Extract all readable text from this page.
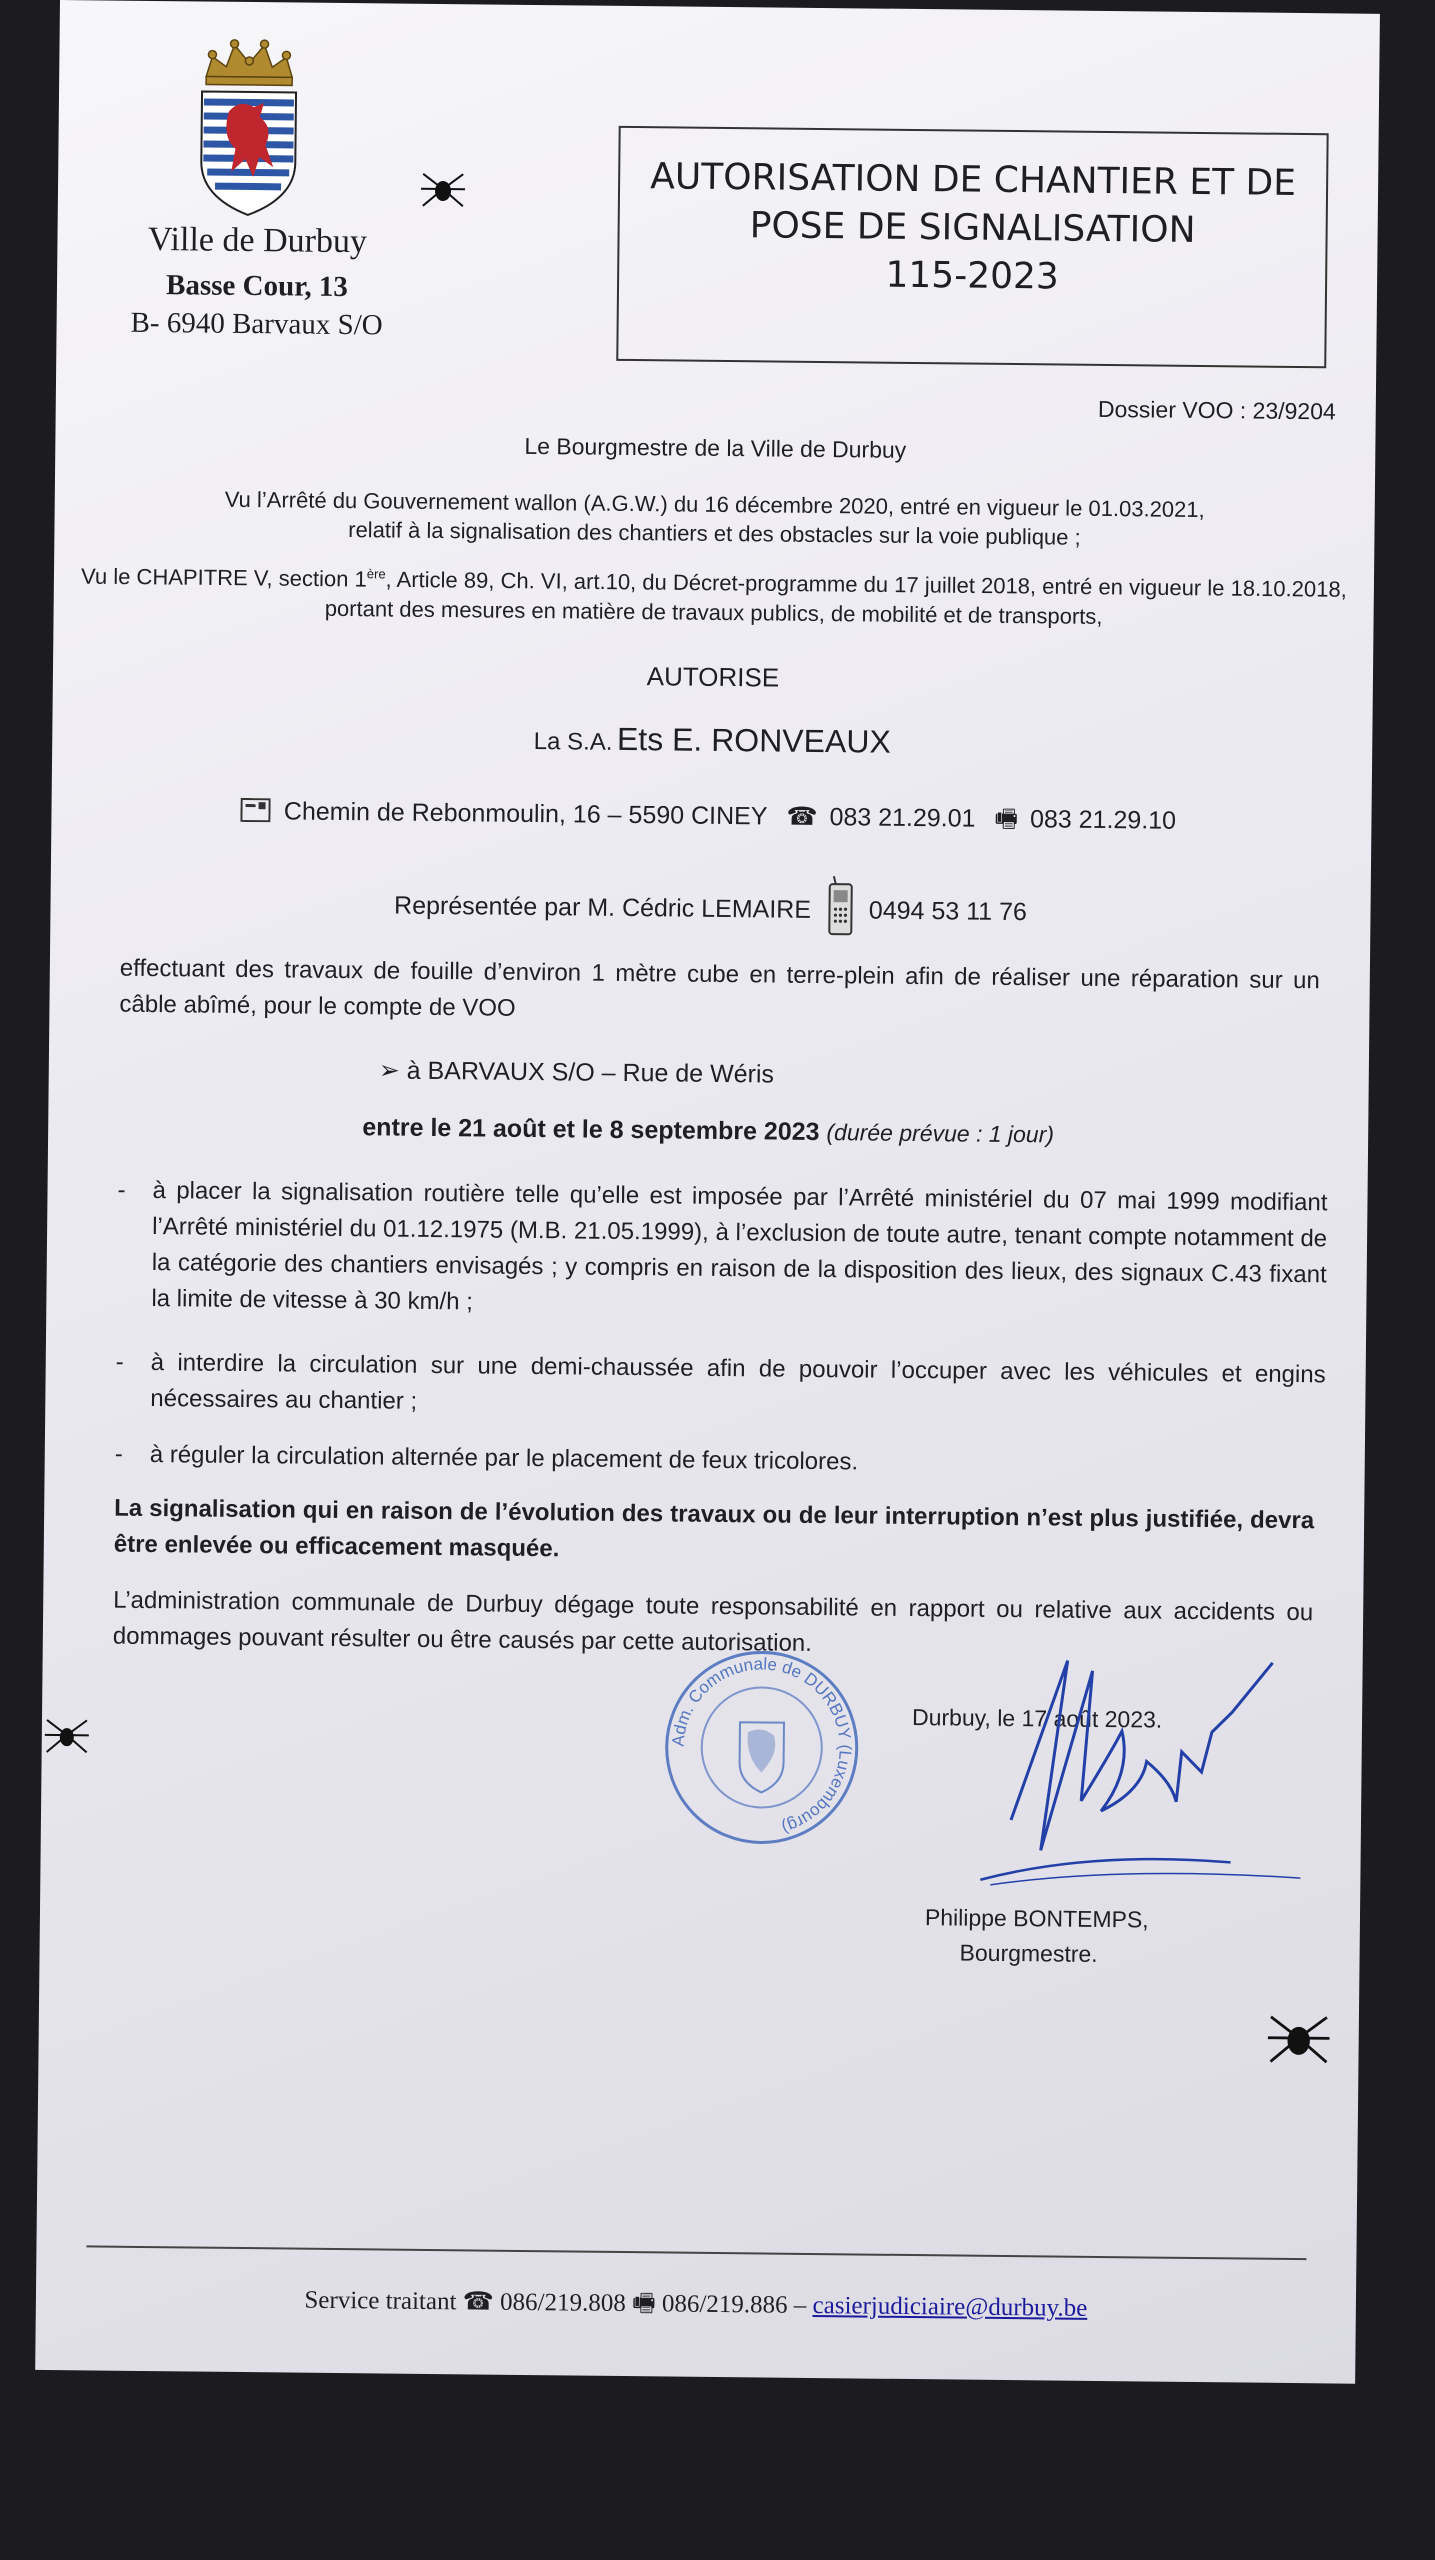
Ville de Durbuy
Basse Cour, 13
B- 6940 Barvaux S/O
AUTORISATION DE CHANTIER ET DE
POSE DE SIGNALISATION
115-2023
Dossier VOO : 23/9204
Le Bourgmestre de la Ville de Durbuy
Vu l’Arrêté du Gouvernement wallon (A.G.W.) du 16 décembre 2020, entré en vigueur le 01.03.2021,
relatif à la signalisation des chantiers et des obstacles sur la voie publique ;
Vu le CHAPITRE V, section 1ère, Article 89, Ch. VI, art.10, du Décret-programme du 17 juillet 2018, entré en vigueur le 18.10.2018,
portant des mesures en matière de travaux publics, de mobilité et de transports,
AUTORISE
La S.A. Ets E. RONVEAUX
Chemin de Rebonmoulin, 16 – 5590 CINEY ☎ 083 21.29.01 🖷 083 21.29.10
Représentée par M. Cédric LEMAIRE 0494 53 11 76
effectuant des travaux de fouille d’environ 1 mètre cube en terre-plein afin de réaliser une réparation sur un câble abîmé, pour le compte de VOO
➢ à BARVAUX S/O – Rue de Wéris
entre le 21 août et le 8 septembre 2023 (durée prévue : 1 jour)
- à placer la signalisation routière telle qu’elle est imposée par l’Arrêté ministériel du 07 mai 1999 modifiant l’Arrêté ministériel du 01.12.1975 (M.B. 21.05.1999), à l’exclusion de toute autre, tenant compte notamment de la catégorie des chantiers envisagés ; y compris en raison de la disposition des lieux, des signaux C.43 fixant la limite de vitesse à 30 km/h ;
- à interdire la circulation sur une demi-chaussée afin de pouvoir l’occuper avec les véhicules et engins nécessaires au chantier ;
- à réguler la circulation alternée par le placement de feux tricolores.
La signalisation qui en raison de l’évolution des travaux ou de leur interruption n’est plus justifiée, devra être enlevée ou efficacement masquée.
L’administration communale de Durbuy dégage toute responsabilité en rapport ou relative aux accidents ou dommages pouvant résulter ou être causés par cette autorisation.
Adm. Communale de DURBUY (Luxembourg)
Durbuy, le 17 août 2023.
Philippe BONTEMPS,
Bourgmestre.
Service traitant ☎ 086/219.808 🖷 086/219.886 – casierjudiciaire@durbuy.be
